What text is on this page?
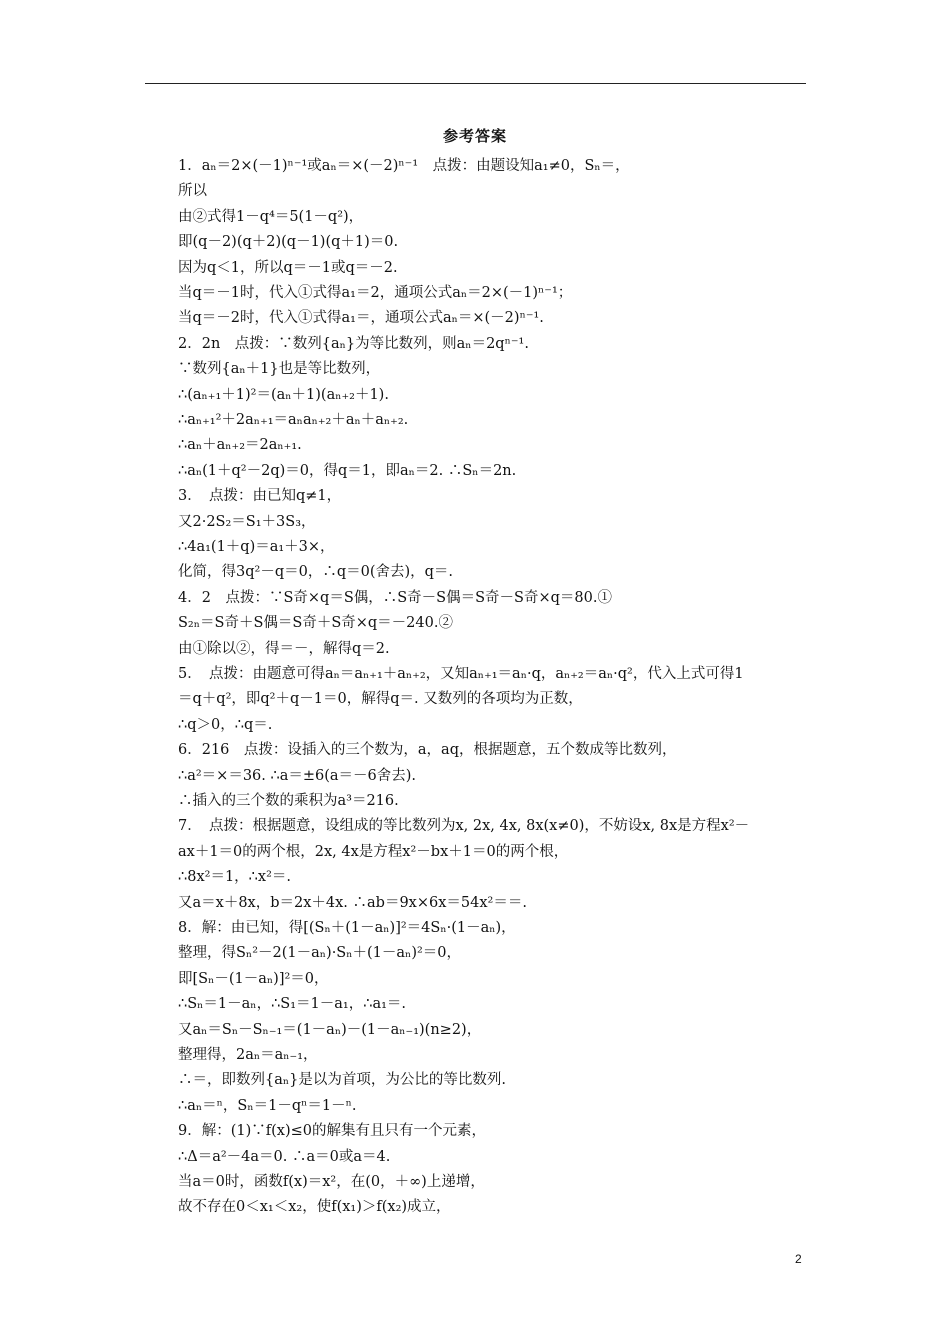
参考答案
1．aₙ＝2×(－1)ⁿ⁻¹或aₙ＝×(－2)ⁿ⁻¹　点拨：由题设知a₁≠0，Sₙ＝，
所以
由②式得1－q⁴＝5(1－q²)，
即(q－2)(q＋2)(q－1)(q＋1)＝0.
因为q＜1，所以q＝－1或q＝－2.
当q＝－1时，代入①式得a₁＝2，通项公式aₙ＝2×(－1)ⁿ⁻¹；
当q＝－2时，代入①式得a₁＝，通项公式aₙ＝×(－2)ⁿ⁻¹.
2．2n　点拨：∵数列{aₙ}为等比数列，则aₙ＝2qⁿ⁻¹.
∵数列{aₙ＋1}也是等比数列，
∴(aₙ₊₁＋1)²＝(aₙ＋1)(aₙ₊₂＋1).
∴aₙ₊₁²＋2aₙ₊₁＝aₙaₙ₊₂＋aₙ＋aₙ₊₂.
∴aₙ＋aₙ₊₂＝2aₙ₊₁.
∴aₙ(1＋q²－2q)＝0，得q＝1，即aₙ＝2. ∴Sₙ＝2n.
3．　点拨：由已知q≠1，
又2·2S₂＝S₁＋3S₃，
∴4a₁(1＋q)＝a₁＋3×，
化简，得3q²－q＝0，∴q＝0(舍去)，q＝.
4．2　点拨：∵S奇×q＝S偶，∴S奇－S偶＝S奇－S奇×q＝80.①
S₂ₙ＝S奇＋S偶＝S奇＋S奇×q＝－240.②
由①除以②，得＝－，解得q＝2.
5．　点拨：由题意可得aₙ＝aₙ₊₁＋aₙ₊₂，又知aₙ₊₁＝aₙ·q，aₙ₊₂＝aₙ·q²，代入上式可得1
＝q＋q²，即q²＋q－1＝0，解得q＝. 又数列的各项均为正数，
∴q＞0，∴q＝.
6．216　点拨：设插入的三个数为，a，aq，根据题意，五个数成等比数列，
∴a²＝×＝36. ∴a＝±6(a＝－6舍去).
∴插入的三个数的乘积为a³＝216.
7．　点拨：根据题意，设组成的等比数列为x, 2x, 4x, 8x(x≠0)，不妨设x, 8x是方程x²－
ax＋1＝0的两个根，2x, 4x是方程x²－bx＋1＝0的两个根，
∴8x²＝1，∴x²＝.
又a＝x＋8x，b＝2x＋4x. ∴ab＝9x×6x＝54x²＝＝.
8．解：由已知，得[(Sₙ＋(1－aₙ)]²＝4Sₙ·(1－aₙ)，
整理，得Sₙ²－2(1－aₙ)·Sₙ＋(1－aₙ)²＝0，
即[Sₙ－(1－aₙ)]²＝0，
∴Sₙ＝1－aₙ，∴S₁＝1－a₁，∴a₁＝.
又aₙ＝Sₙ－Sₙ₋₁＝(1－aₙ)－(1－aₙ₋₁)(n≥2)，
整理得，2aₙ＝aₙ₋₁，
∴＝，即数列{aₙ}是以为首项，为公比的等比数列.
∴aₙ＝ⁿ，Sₙ＝1－qⁿ＝1－ⁿ.
9．解：(1)∵f(x)≤0的解集有且只有一个元素，
∴Δ＝a²－4a＝0. ∴a＝0或a＝4.
当a＝0时，函数f(x)＝x²，在(0，＋∞)上递增，
故不存在0＜x₁＜x₂，使f(x₁)＞f(x₂)成立，
2
